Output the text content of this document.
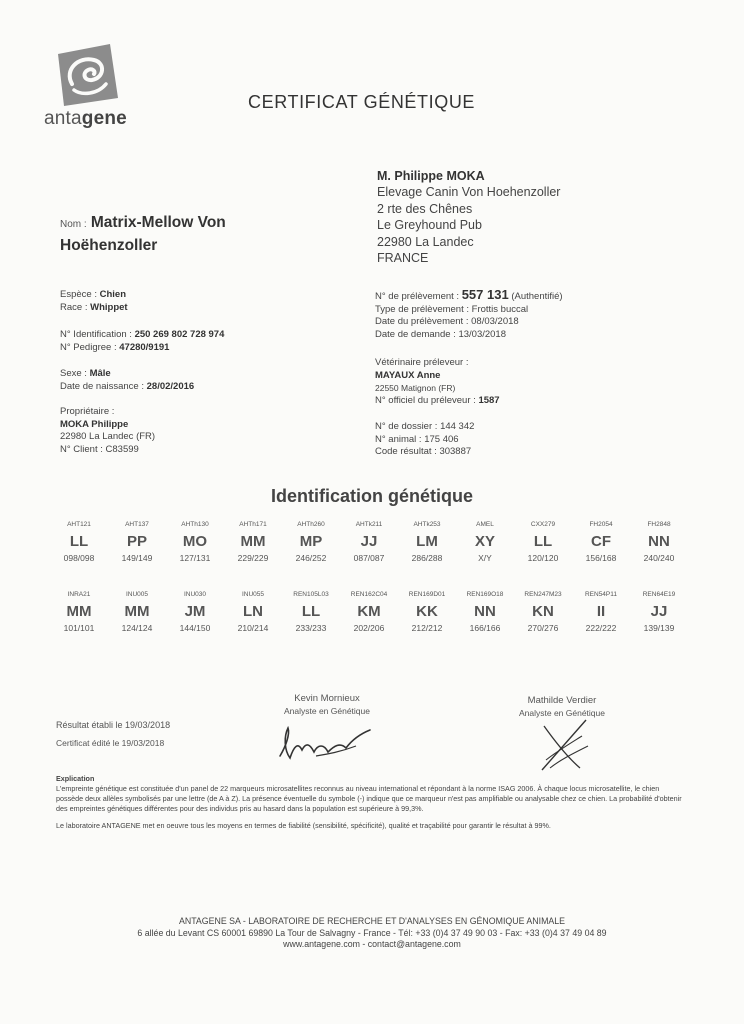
antagene
CERTIFICAT GÉNÉTIQUE
M. Philippe MOKA
Elevage Canin Von Hoehenzoller
2 rte des Chênes
Le Greyhound Pub
22980 La Landec
FRANCE
Nom : Matrix-Mellow Von
Hoëhenzoller
Espèce : Chien
Race : Whippet
N° Identification : 250 269 802 728 974
N° Pedigree : 47280/9191
Sexe : Mâle
Date de naissance : 28/02/2016
Propriétaire :
MOKA Philippe
22980 La Landec (FR)
N° Client : C83599
N° de prélèvement : 557 131 (Authentifié)
Type de prélèvement : Frottis buccal
Date du prélèvement : 08/03/2018
Date de demande : 13/03/2018
Vétérinaire préleveur :
MAYAUX Anne
22550 Matignon (FR)
N° officiel du préleveur : 1587
N° de dossier : 144 342
N° animal : 175 406
Code résultat : 303887
Identification génétique
AHT121
LL
098/098
AHT137
PP
149/149
AHTh130
MO
127/131
AHTh171
MM
229/229
AHTh260
MP
246/252
AHTk211
JJ
087/087
AHTk253
LM
286/288
AMEL
XY
X/Y
CXX279
LL
120/120
FH2054
CF
156/168
FH2848
NN
240/240
INRA21
MM
101/101
INU005
MM
124/124
INU030
JM
144/150
INU055
LN
210/214
REN105L03
LL
233/233
REN162C04
KM
202/206
REN169D01
KK
212/212
REN169O18
NN
166/166
REN247M23
KN
270/276
REN54P11
II
222/222
REN64E19
JJ
139/139
Kevin Mornieux
Analyste en Génétique
Mathilde Verdier
Analyste en Génétique
Résultat établi le 19/03/2018
Certificat édité le 19/03/2018
Explication
L'empreinte génétique est constituée d'un panel de 22 marqueurs microsatellites reconnus au niveau international et répondant à la norme ISAG 2006. À chaque locus microsatellite, le chien possède deux allèles symbolisés par une lettre (de A à Z). La présence éventuelle du symbole (-) indique que ce marqueur n'est pas amplifiable ou analysable chez ce chien. La probabilité d'obtenir des empreintes génétiques différentes pour des individus pris au hasard dans la population est supérieure à 99,3%.
Le laboratoire ANTAGENE met en oeuvre tous les moyens en termes de fiabilité (sensibilité, spécificité), qualité et traçabilité pour garantir le résultat à 99%.
ANTAGENE SA - LABORATOIRE DE RECHERCHE ET D'ANALYSES EN GÉNOMIQUE ANIMALE
6 allée du Levant CS 60001 69890 La Tour de Salvagny - France - Tél: +33 (0)4 37 49 90 03 - Fax: +33 (0)4 37 49 04 89
www.antagene.com - contact@antagene.com
